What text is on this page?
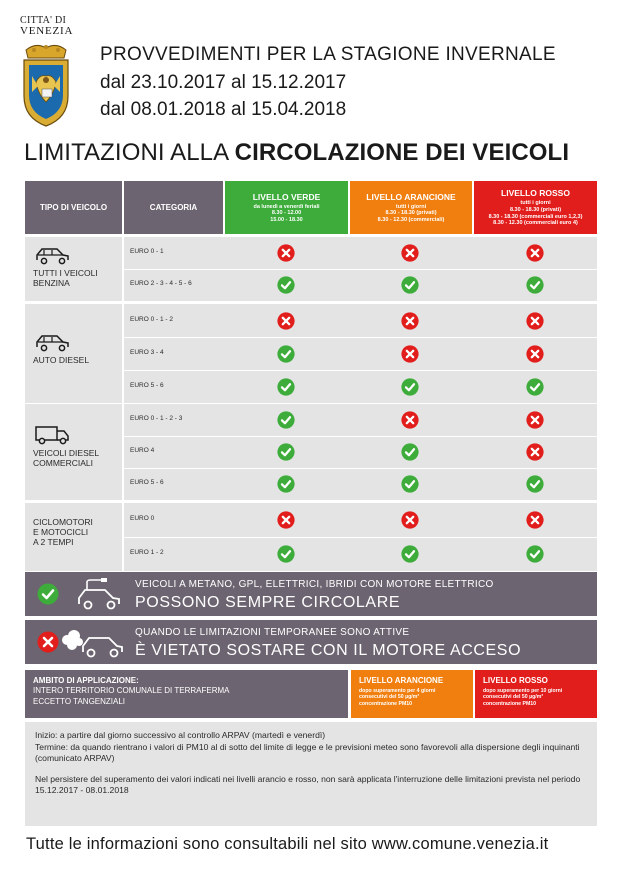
CITTA' DI
VENEZIA
PROVVEDIMENTI PER LA STAGIONE INVERNALE
dal 23.10.2017 al 15.12.2017
dal 08.01.2018 al 15.04.2018
LIMITAZIONI ALLA CIRCOLAZIONE DEI VEICOLI
TIPO DI VEICOLO	CATEGORIA
LIVELLO VERDE
da lunedì a venerdì feriali
8.30 - 12.00
15.00 - 18.30
LIVELLO ARANCIONE
tutti i giorni
8.30 - 18.30 (privati)
8.30 - 12.30 (commerciali)
LIVELLO ROSSO
tutti i giorni
8.30 - 18.30 (privati)
8.30 - 18.30 (commerciali euro 1,2,3)
8.30 - 12.30 (commerciali euro 4)
TUTTI I VEICOLI
BENZINA
EURO 0 - 1
EURO 2 - 3 - 4 - 5 - 6
AUTO DIESEL
EURO 0 - 1 - 2
EURO 3 - 4
EURO 5 - 6
VEICOLI DIESEL
COMMERCIALI
EURO 0 - 1 - 2 - 3
EURO 4
EURO 5 - 6
CICLOMOTORI
E MOTOCICLI
A 2 TEMPI
EURO 0
EURO 1 - 2
VEICOLI A METANO, GPL, ELETTRICI, IBRIDI CON MOTORE ELETTRICO
POSSONO SEMPRE CIRCOLARE
QUANDO LE LIMITAZIONI TEMPORANEE SONO ATTIVE
È VIETATO SOSTARE CON IL MOTORE ACCESO
AMBITO DI APPLICAZIONE:
INTERO TERRITORIO COMUNALE DI TERRAFERMA
ECCETTO TANGENZIALI
LIVELLO ARANCIONE
dopo superamento per 4 giorni
consecutivi del 50 µg/m³
concentrazione PM10
LIVELLO ROSSO
dopo superamento per 10 giorni
consecutivi del 50 µg/m³
concentrazione PM10

Inizio: a partire dal giorno successivo al controllo ARPAV (martedì e venerdì)

Termine: da quando rientrano i valori di PM10 al di sotto del limite di legge e le previsioni meteo sono favorevoli alla dispersione degli inquinanti (comunicato ARPAV)

Nel persistere del superamento dei valori indicati nei livelli arancio e rosso, non sarà applicata l'interruzione delle limitazioni prevista nel periodo 15.12.2017 - 08.01.2018

Tutte le informazioni sono consultabili nel sito www.comune.venezia.it
